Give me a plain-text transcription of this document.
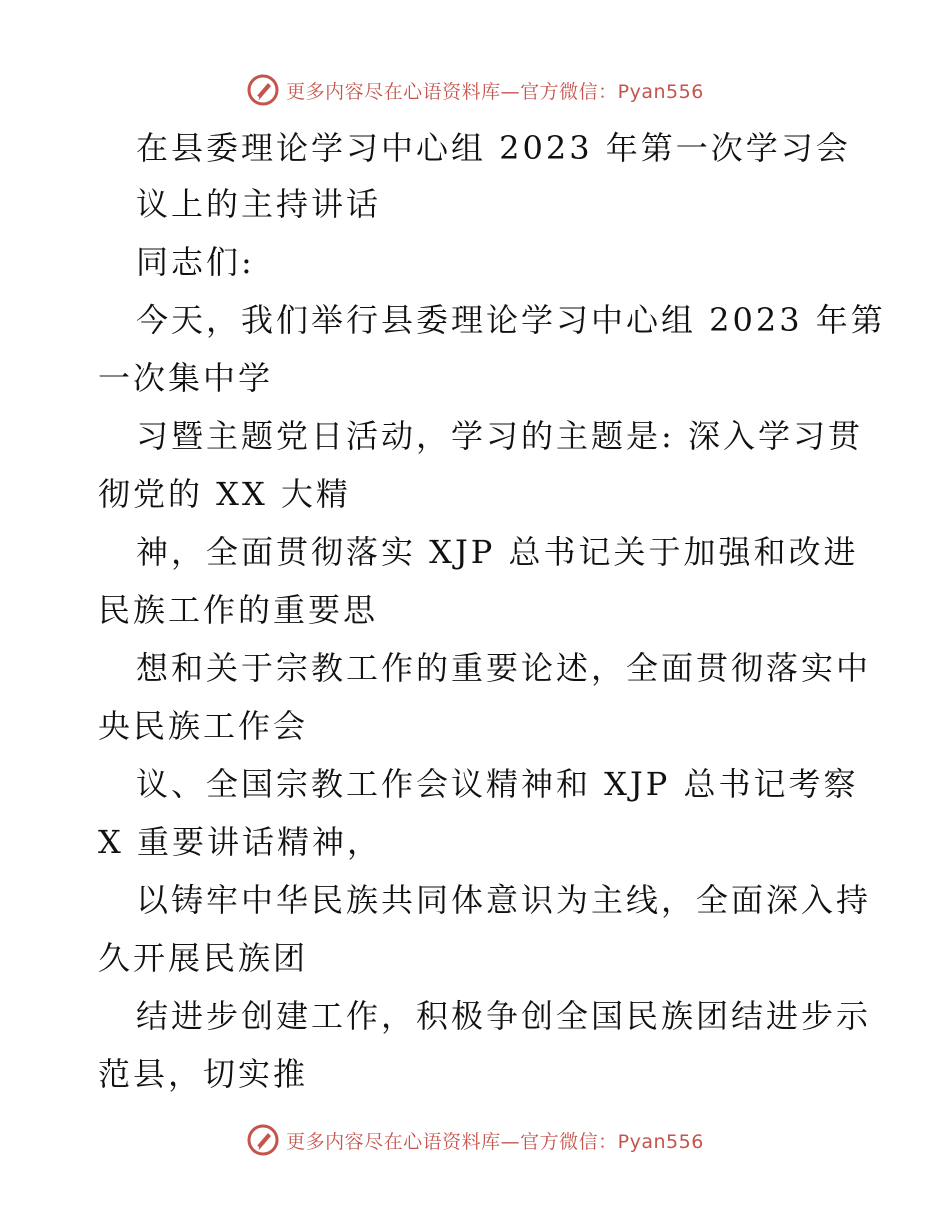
更多内容尽在心语资料库—官方微信：Pyan556
在县委理论学习中心组 2023 年第一次学习会
议上的主持讲话
同志们:
今天，我们举行县委理论学习中心组 2023 年第
一次集中学
习暨主题党日活动，学习的主题是: 深入学习贯
彻党的 XX 大精
神，全面贯彻落实 XJP 总书记关于加强和改进
民族工作的重要思
想和关于宗教工作的重要论述，全面贯彻落实中
央民族工作会
议、全国宗教工作会议精神和 XJP 总书记考察
X 重要讲话精神，
以铸牢中华民族共同体意识为主线，全面深入持
久开展民族团
结进步创建工作，积极争创全国民族团结进步示
范县，切实推
更多内容尽在心语资料库—官方微信：Pyan556
